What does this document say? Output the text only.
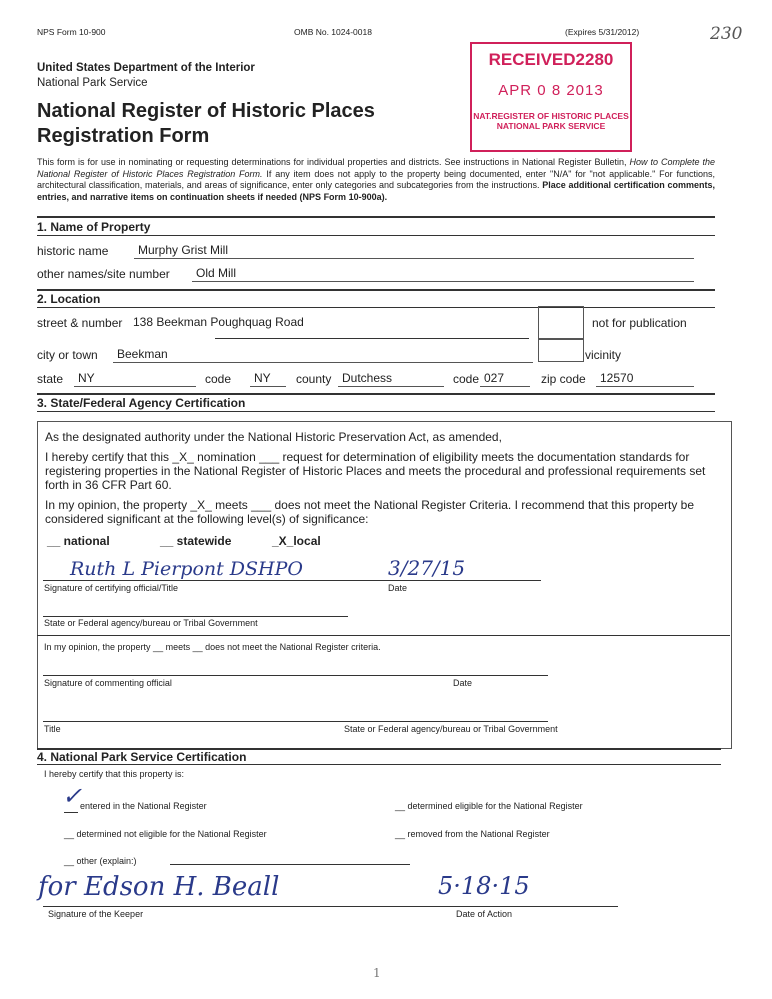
NPS Form 10-900	OMB No. 1024-0018	(Expires 5/31/2012)	230
RECEIVED2280
APR 0 8 2013
NAT.REGISTER OF HISTORIC PLACES
NATIONAL PARK SERVICE
United States Department of the Interior
National Park Service
National Register of Historic Places
Registration Form
This form is for use in nominating or requesting determinations for individual properties and districts. See instructions in National Register Bulletin, How to Complete the National Register of Historic Places Registration Form. If any item does not apply to the property being documented, enter "N/A" for "not applicable." For functions, architectural classification, materials, and areas of significance, enter only categories and subcategories from the instructions. Place additional certification comments, entries, and narrative items on continuation sheets if needed (NPS Form 10-900a).
1. Name of Property
historic name	Murphy Grist Mill
other names/site number	Old Mill
2. Location
street & number 138 Beekman Poughquag Road	not for publication
city or town	Beekman	vicinity
state	NY	code	NY	county Dutchess	code 027	zip code	12570
3. State/Federal Agency Certification

As the designated authority under the National Historic Preservation Act, as amended,

I hereby certify that this _X_ nomination ___ request for determination of eligibility meets the documentation standards for registering properties in the National Register of Historic Places and meets the procedural and professional requirements set forth in 36 CFR Part 60.

In my opinion, the property _X_ meets ___ does not meet the National Register Criteria. I recommend that this property be considered significant at the following level(s) of significance:

__ national	__ statewide	_X_local
Ruth L Pierpont DSHPO	3/27/15
Signature of certifying official/Title	Date
State or Federal agency/bureau or Tribal Government
In my opinion, the property __ meets __ does not meet the National Register criteria.
Signature of commenting official	Date
Title	State or Federal agency/bureau or Tribal Government
4. National Park Service Certification
I hereby certify that this property is:
✓
entered in the National Register	__ determined eligible for the National Register
__ determined not eligible for the National Register	__ removed from the National Register
__ other (explain:)
for Edson H. Beall	5·18·15
Signature of the Keeper	Date of Action
1
